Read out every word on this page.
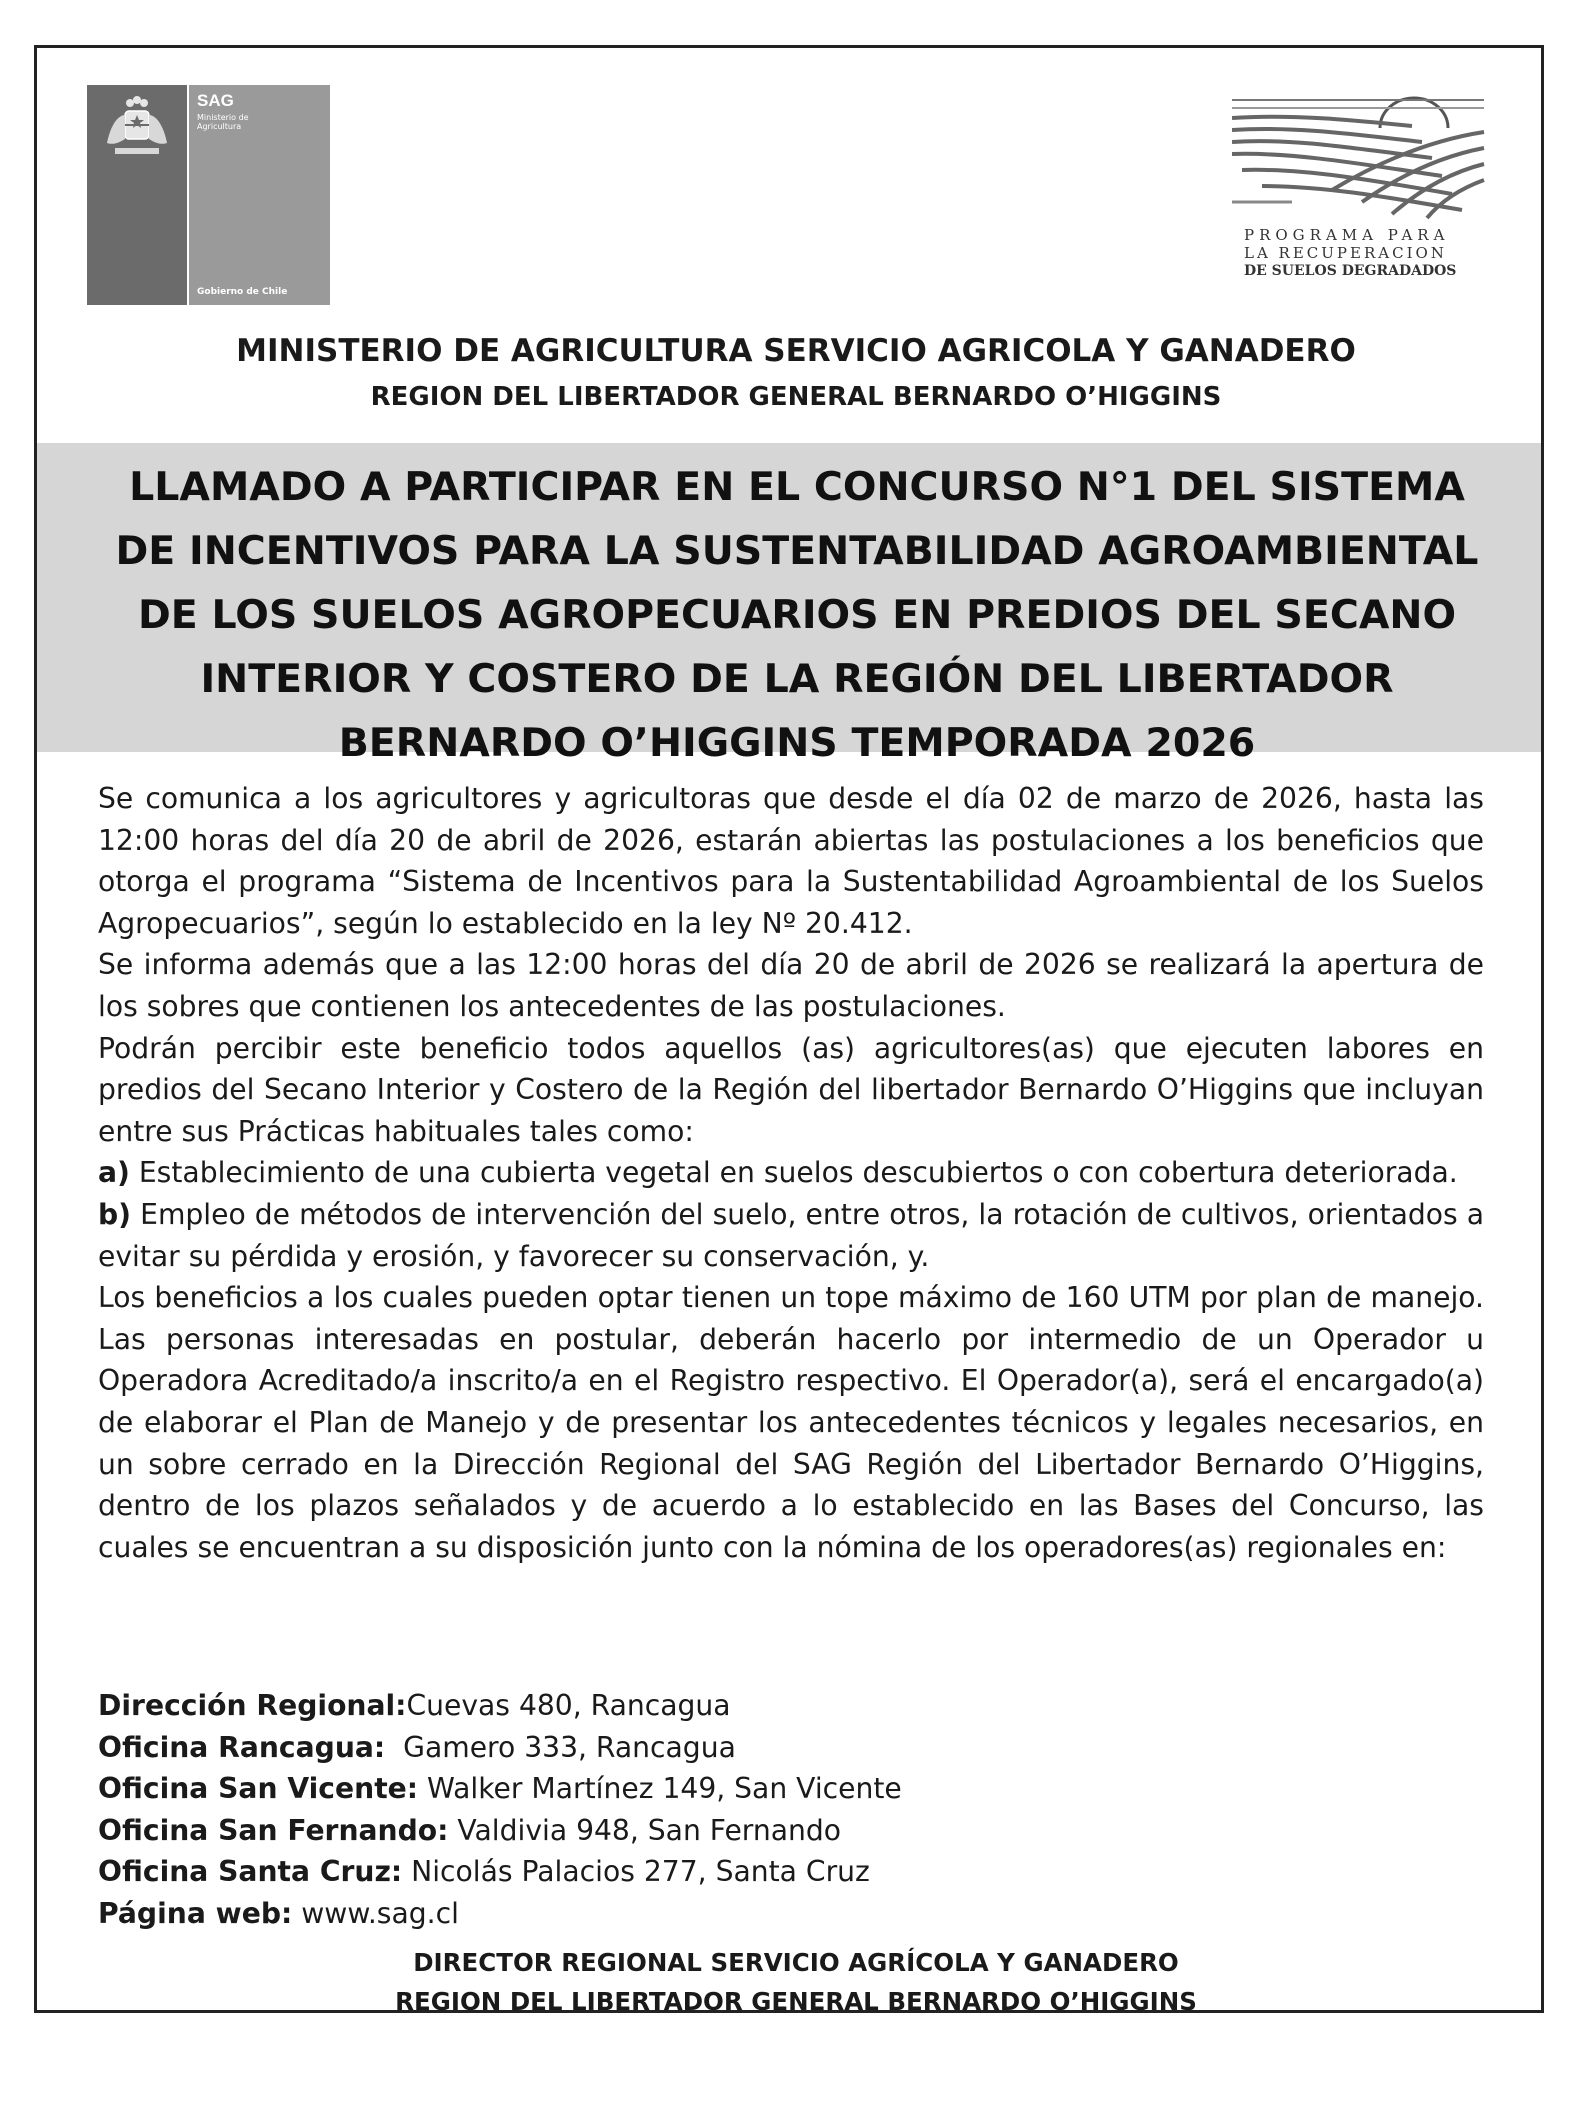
SAG
Ministerio de Agricultura
Gobierno de Chile
PROGRAMA PARA
LA RECUPERACION
DE SUELOS DEGRADADOS
MINISTERIO DE AGRICULTURA SERVICIO AGRICOLA Y GANADERO
REGION DEL LIBERTADOR GENERAL BERNARDO O’HIGGINS
LLAMADO A PARTICIPAR EN EL CONCURSO N°1 DEL SISTEMA
DE INCENTIVOS PARA LA SUSTENTABILIDAD AGROAMBIENTAL
DE LOS SUELOS AGROPECUARIOS EN PREDIOS DEL SECANO
INTERIOR Y COSTERO DE LA REGIÓN DEL LIBERTADOR
BERNARDO O’HIGGINS TEMPORADA 2026

Se comunica a los agricultores y agricultoras que desde el día 02 de marzo de 2026, hasta las 12:00 horas del día 20 de abril de 2026, estarán abiertas las postulaciones a los beneficios que otorga el programa “Sistema de Incentivos para la Sustentabilidad Agroambiental de los Suelos Agropecuarios”, según lo establecido en la ley Nº 20.412.

Se informa además que a las 12:00 horas del día 20 de abril de 2026 se realizará la apertura de los sobres que contienen los antecedentes de las postulaciones.

Podrán percibir este beneficio todos aquellos (as) agricultores(as) que ejecuten labores en predios del Secano Interior y Costero de la Región del libertador Bernardo O’Higgins que incluyan entre sus Prácticas habituales tales como:

a) Establecimiento de una cubierta vegetal en suelos descubiertos o con cobertura deteriorada.

b) Empleo de métodos de intervención del suelo, entre otros, la rotación de cultivos, orientados a evitar su pérdida y erosión, y favorecer su conservación, y.

Los beneficios a los cuales pueden optar tienen un tope máximo de 160 UTM por plan de manejo. Las personas interesadas en postular, deberán hacerlo por intermedio de un Operador u Operadora Acreditado/a inscrito/a en el Registro respectivo. El Operador(a), será el encargado(a) de elaborar el Plan de Manejo y de presentar los antecedentes técnicos y legales necesarios, en un sobre cerrado en la Dirección Regional del SAG Región del Libertador Bernardo O’Higgins, dentro de los plazos señalados y de acuerdo a lo establecido en las Bases del Concurso, las cuales se encuentran a su disposición junto con la nómina de los operadores(as) regionales en:

Dirección Regional:Cuevas 480, Rancagua
Oficina Rancagua:  Gamero 333, Rancagua
Oficina San Vicente: Walker Martínez 149, San Vicente
Oficina San Fernando: Valdivia 948, San Fernando
Oficina Santa Cruz: Nicolás Palacios 277, Santa Cruz
Página web: www.sag.cl
DIRECTOR REGIONAL SERVICIO AGRÍCOLA Y GANADERO
REGION DEL LIBERTADOR GENERAL BERNARDO O’HIGGINS
